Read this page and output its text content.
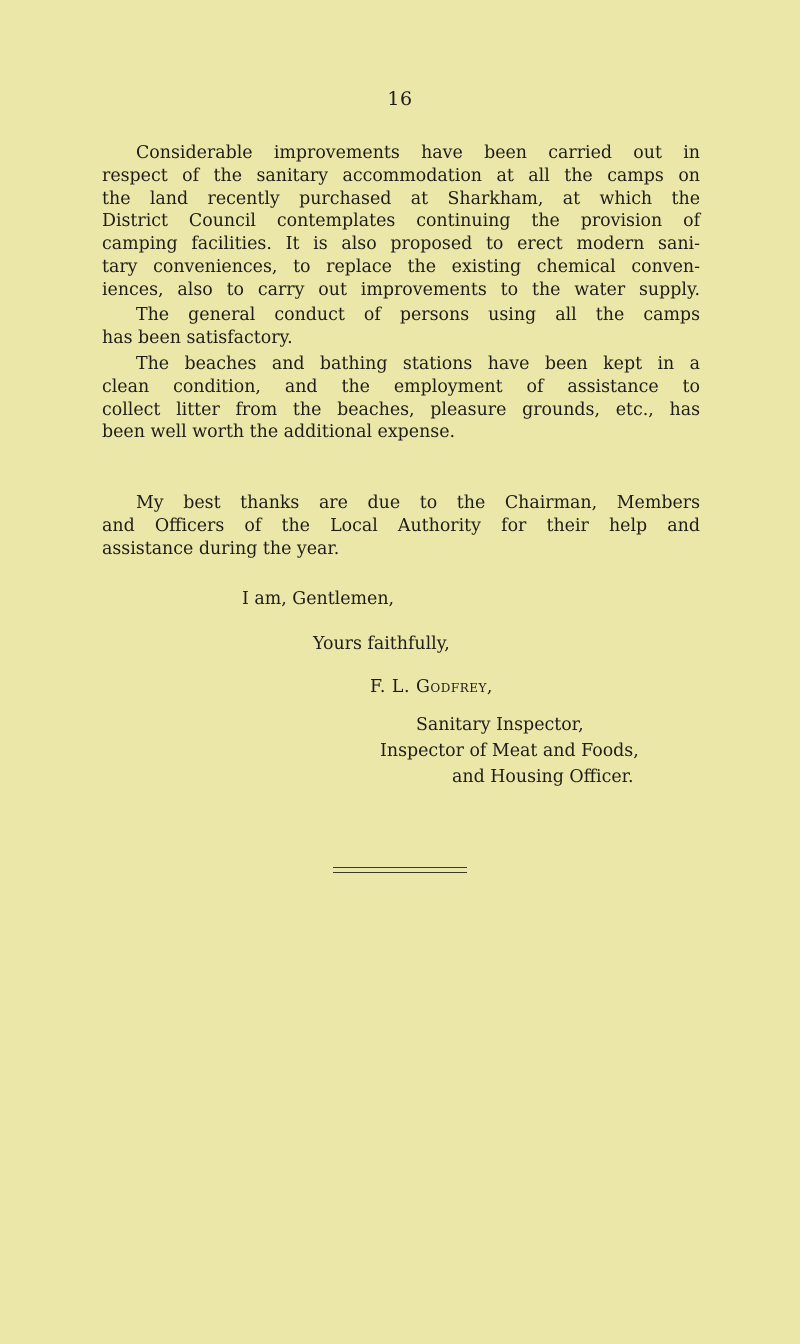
16
Considerable improvements have been carried out in
respect of the sanitary accommodation at all the camps on
the land recently purchased at Sharkham, at which the
District Council contemplates continuing the provision of
camping facilities. It is also proposed to erect modern sani-
tary conveniences, to replace the existing chemical conven-
iences, also to carry out improvements to the water supply.
The general conduct of persons using all the camps
has been satisfactory.
The beaches and bathing stations have been kept in a
clean condition, and the employment of assistance to
collect litter from the beaches, pleasure grounds, etc., has
been well worth the additional expense.
My best thanks are due to the Chairman, Members
and Officers of the Local Authority for their help and
assistance during the year.
I am, Gentlemen,
Yours faithfully,
F. L. Godfrey,
Sanitary Inspector,
Inspector of Meat and Foods,
and Housing Officer.
